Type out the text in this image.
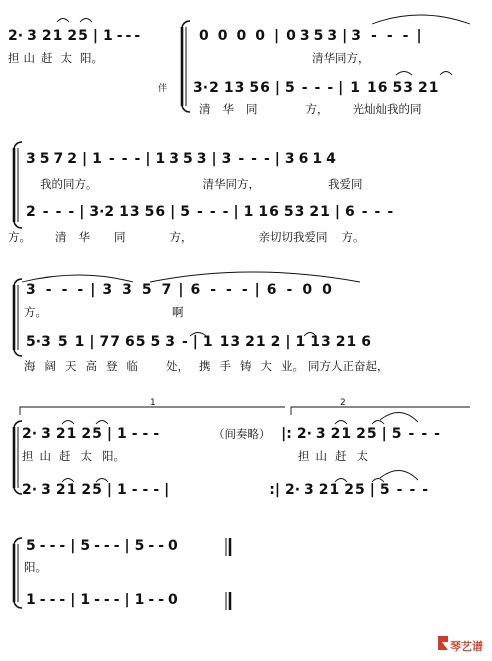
1	2
伴
（间奏略）
2· 3 21 25 | 1 - - -	0 0 0 0 | 0 3 5 3 | 3 - - - |
3·2 13 56 | 5 - - - | 1 16 53 21
担 山 赶 太 阳。	清华同方，
清 华 同	方， 光灿灿我的同
3 5 7 2 | 1 - - - | 1 3 5 3 | 3 - - - | 3 6 1 4
2 - - - | 3·2 13 56 | 5 - - - | 1 16 53 21 | 6 - - -
我的同方。	清华同方，	我爱同
方。 清 华 同	方，	亲切切我爱同 方。
3 - - - | 3 3 5 7 | 6 - - - | 6 - 0 0
5·3 5 1 | 77 65 5 3 - | 1 13 21 2 | 1 13 21 6
方。	啊
海 阔 天 高 登 临 处， 携 手 铸 大 业。 同方人正奋起，
2· 3 21 25 | 1 - - -	|: 2· 3 21 25 | 5 - - -
2· 3 21 25 | 1 - - - |	:| 2· 3 21 25 | 5 - - -
担 山 赶 太 阳。	担 山 赶 太
5 - - - | 5 - - - | 5 - - 0
1 - - - | 1 - - - | 1 - - 0
阳。
琴艺谱
